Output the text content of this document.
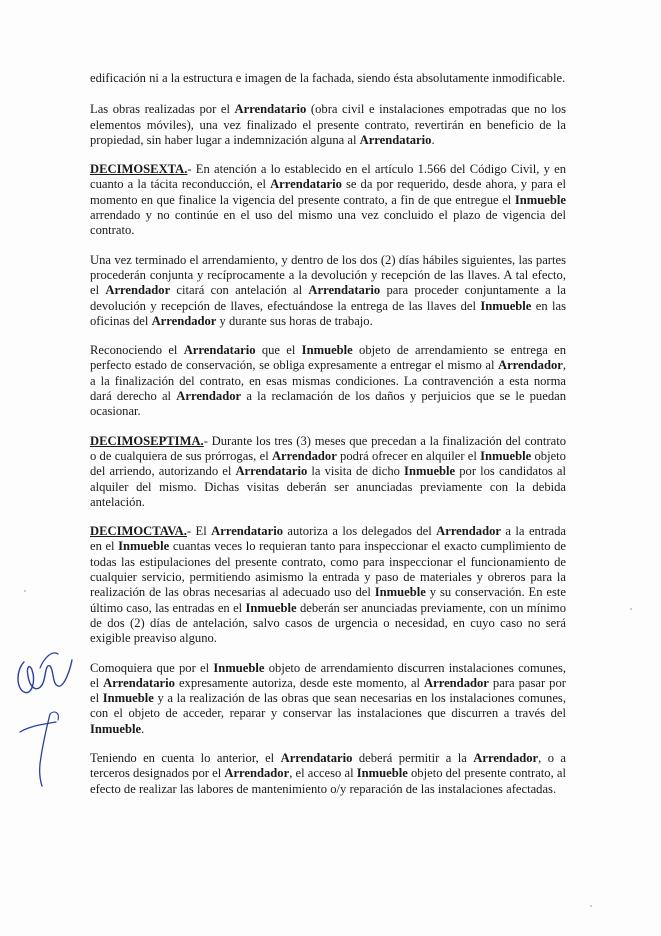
edificación ni a la estructura e imagen de la fachada, siendo ésta absolutamente inmodificable.

Las obras realizadas por el Arrendatario (obra civil e instalaciones empotradas que no los elementos móviles), una vez finalizado el presente contrato, revertirán en beneficio de la propiedad, sin haber lugar a indemnización alguna al Arrendatario.

DECIMOSEXTA.- En atención a lo establecido en el artículo 1.566 del Código Civil, y en cuanto a la tácita reconducción, el Arrendatario se da por requerido, desde ahora, y para el momento en que finalice la vigencia del presente contrato, a fin de que entregue el Inmueble arrendado y no continúe en el uso del mismo una vez concluido el plazo de vigencia del contrato.

Una vez terminado el arrendamiento, y dentro de los dos (2) días hábiles siguientes, las partes procederán conjunta y recíprocamente a la devolución y recepción de las llaves. A tal efecto, el Arrendador citará con antelación al Arrendatario para proceder conjuntamente a la devolución y recepción de llaves, efectuándose la entrega de las llaves del Inmueble en las oficinas del Arrendador y durante sus horas de trabajo.

Reconociendo el Arrendatario que el Inmueble objeto de arrendamiento se entrega en perfecto estado de conservación, se obliga expresamente a entregar el mismo al Arrendador, a la finalización del contrato, en esas mismas condiciones. La contravención a esta norma dará derecho al Arrendador a la reclamación de los daños y perjuicios que se le puedan ocasionar.

DECIMOSEPTIMA.- Durante los tres (3) meses que precedan a la finalización del contrato o de cualquiera de sus prórrogas, el Arrendador podrá ofrecer en alquiler el Inmueble objeto del arriendo, autorizando el Arrendatario la visita de dicho Inmueble por los candidatos al alquiler del mismo. Dichas visitas deberán ser anunciadas previamente con la debida antelación.

DECIMOCTAVA.- El Arrendatario autoriza a los delegados del Arrendador a la entrada en el Inmueble cuantas veces lo requieran tanto para inspeccionar el exacto cumplimiento de todas las estipulaciones del presente contrato, como para inspeccionar el funcionamiento de cualquier servicio, permitiendo asimismo la entrada y paso de materiales y obreros para la realización de las obras necesarias al adecuado uso del Inmueble y su conservación. En este último caso, las entradas en el Inmueble deberán ser anunciadas previamente, con un mínimo de dos (2) días de antelación, salvo casos de urgencia o necesidad, en cuyo caso no será exigible preaviso alguno.

Comoquiera que por el Inmueble objeto de arrendamiento discurren instalaciones comunes, el Arrendatario expresamente autoriza, desde este momento, al Arrendador para pasar por el Inmueble y a la realización de las obras que sean necesarias en los instalaciones comunes, con el objeto de acceder, reparar y conservar las instalaciones que discurren a través del Inmueble.

Teniendo en cuenta lo anterior, el Arrendatario deberá permitir a la Arrendador, o a terceros designados por el Arrendador, el acceso al Inmueble objeto del presente contrato, al efecto de realizar las labores de mantenimiento o/y reparación de las instalaciones afectadas.
